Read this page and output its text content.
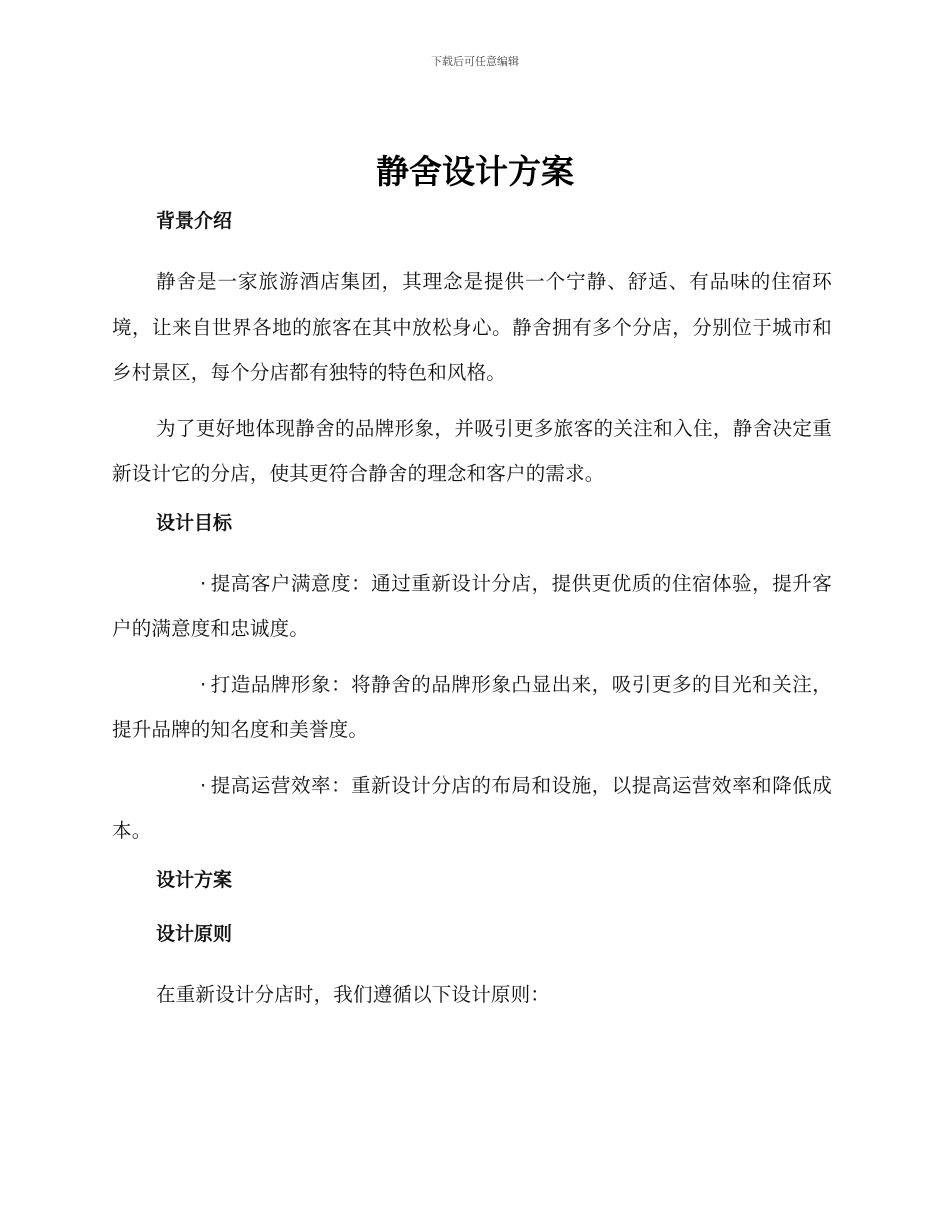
下载后可任意编辑
静舍设计方案
背景介绍

静舍是一家旅游酒店集团，其理念是提供一个宁静、舒适、有品味的住宿环境，让来自世界各地的旅客在其中放松身心。静舍拥有多个分店，分别位于城市和乡村景区，每个分店都有独特的特色和风格。

为了更好地体现静舍的品牌形象，并吸引更多旅客的关注和入住，静舍决定重新设计它的分店，使其更符合静舍的理念和客户的需求。

设计目标

· 提高客户满意度：通过重新设计分店，提供更优质的住宿体验，提升客户的满意度和忠诚度。

· 打造品牌形象：将静舍的品牌形象凸显出来，吸引更多的目光和关注，提升品牌的知名度和美誉度。

· 提高运营效率：重新设计分店的布局和设施，以提高运营效率和降低成本。

设计方案
设计原则

在重新设计分店时，我们遵循以下设计原则：
